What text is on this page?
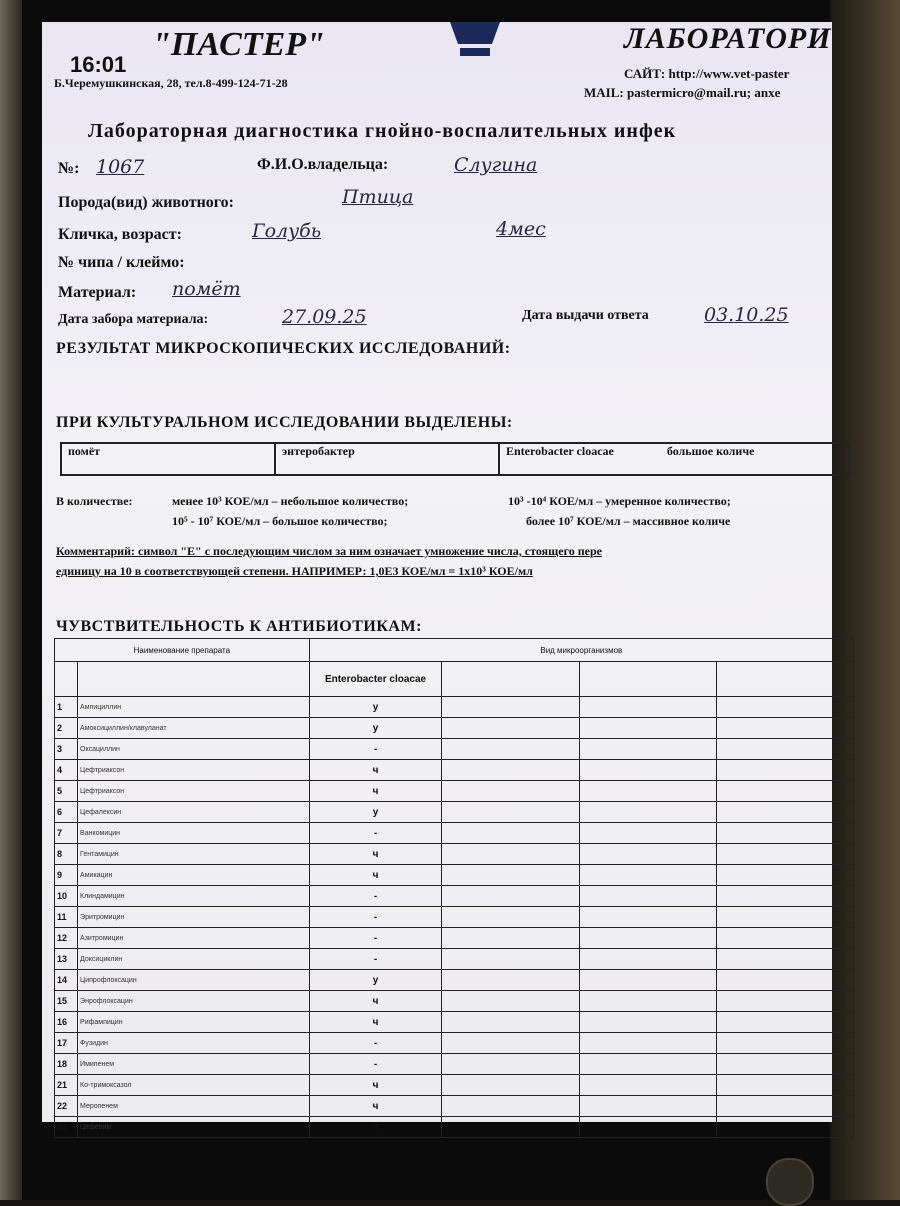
16:01
"ПАСТЕР"	ЛАБОРАТОРИ
Б.Черемушкинская, 28, тел.8-499-124-71-28
САЙТ: http://www.vet-paster
MAIL: pastermicro@mail.ru; anxe
Лабораторная диагностика гнойно-воспалительных инфек
№: 1067	Ф.И.О.владельца:	Слугина
Порода(вид) животного:	Птица
Кличка, возраст:	Голубь	4мес
№ чипа / клеймо:
Материал: помёт
Дата забора материала:	27.09.25	Дата выдачи ответа	03.10.25
РЕЗУЛЬТАТ МИКРОСКОПИЧЕСКИХ ИССЛЕДОВАНИЙ:
ПРИ КУЛЬТУРАЛЬНОМ ИССЛЕДОВАНИИ ВЫДЕЛЕНЫ:
помёт	энтеробактер	Enterobacter cloacae	большое количе
В количестве:	менее 10³ КОЕ/мл – небольшое количество;	10³ -10⁴ КОЕ/мл – умеренное количество;
10⁵ - 10⁷ КОЕ/мл – большое количество;	более 10⁷ КОЕ/мл – массивное количе
Комментарий: символ "Е" с последующим числом за ним означает умножение числа, стоящего пере
единицу на 10 в соответствующей степени. НАПРИМЕР: 1,0Е3 КОЕ/мл = 1х10³ КОЕ/мл
ЧУВСТВИТЕЛЬНОСТЬ К АНТИБИОТИКАМ:
Наименование препарата		Вид микроорганизмов			
		Enterobacter cloacae			
1	Ампициллин	у			
2	Амоксициллин/клавуланат	у			
3	Оксациллин	-			
4	Цефтриаксон	ч			
5	Цефтриаксон	ч			
6	Цефалексин	у			
7	Ванкомицин	-			
8	Гентамицин	ч			
9	Амикацин	ч			
10	Клиндамицин	-			
11	Эритромицин	-			
12	Азитромицин	-			
13	Доксициклин	-			
14	Ципрофлоксацин	у			
15	Энрофлоксацин	ч			
16	Рифампицин	ч			
17	Фузидин	-			
18	Имипенем	-			
21	Ко-тримоксазол	ч			
22	Меропенем	ч			
23	Цефепим	ч			
